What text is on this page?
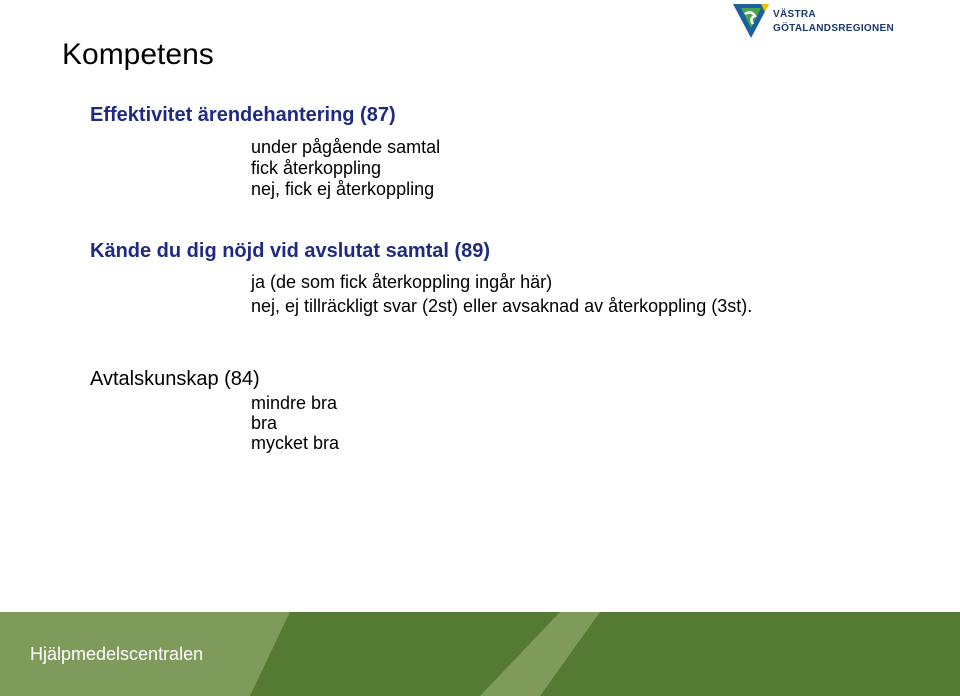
Kompetens
VÄSTRA
GÖTALANDSREGIONEN
Effektivitet ärendehantering (87)
under pågående samtal
fick återkoppling
nej, fick ej återkoppling
Kände du dig nöjd vid avslutat samtal (89)
ja (de som fick återkoppling ingår här)
nej, ej tillräckligt svar (2st) eller avsaknad av återkoppling (3st).
Avtalskunskap (84)
mindre bra
bra
mycket bra
Hjälpmedelscentralen
